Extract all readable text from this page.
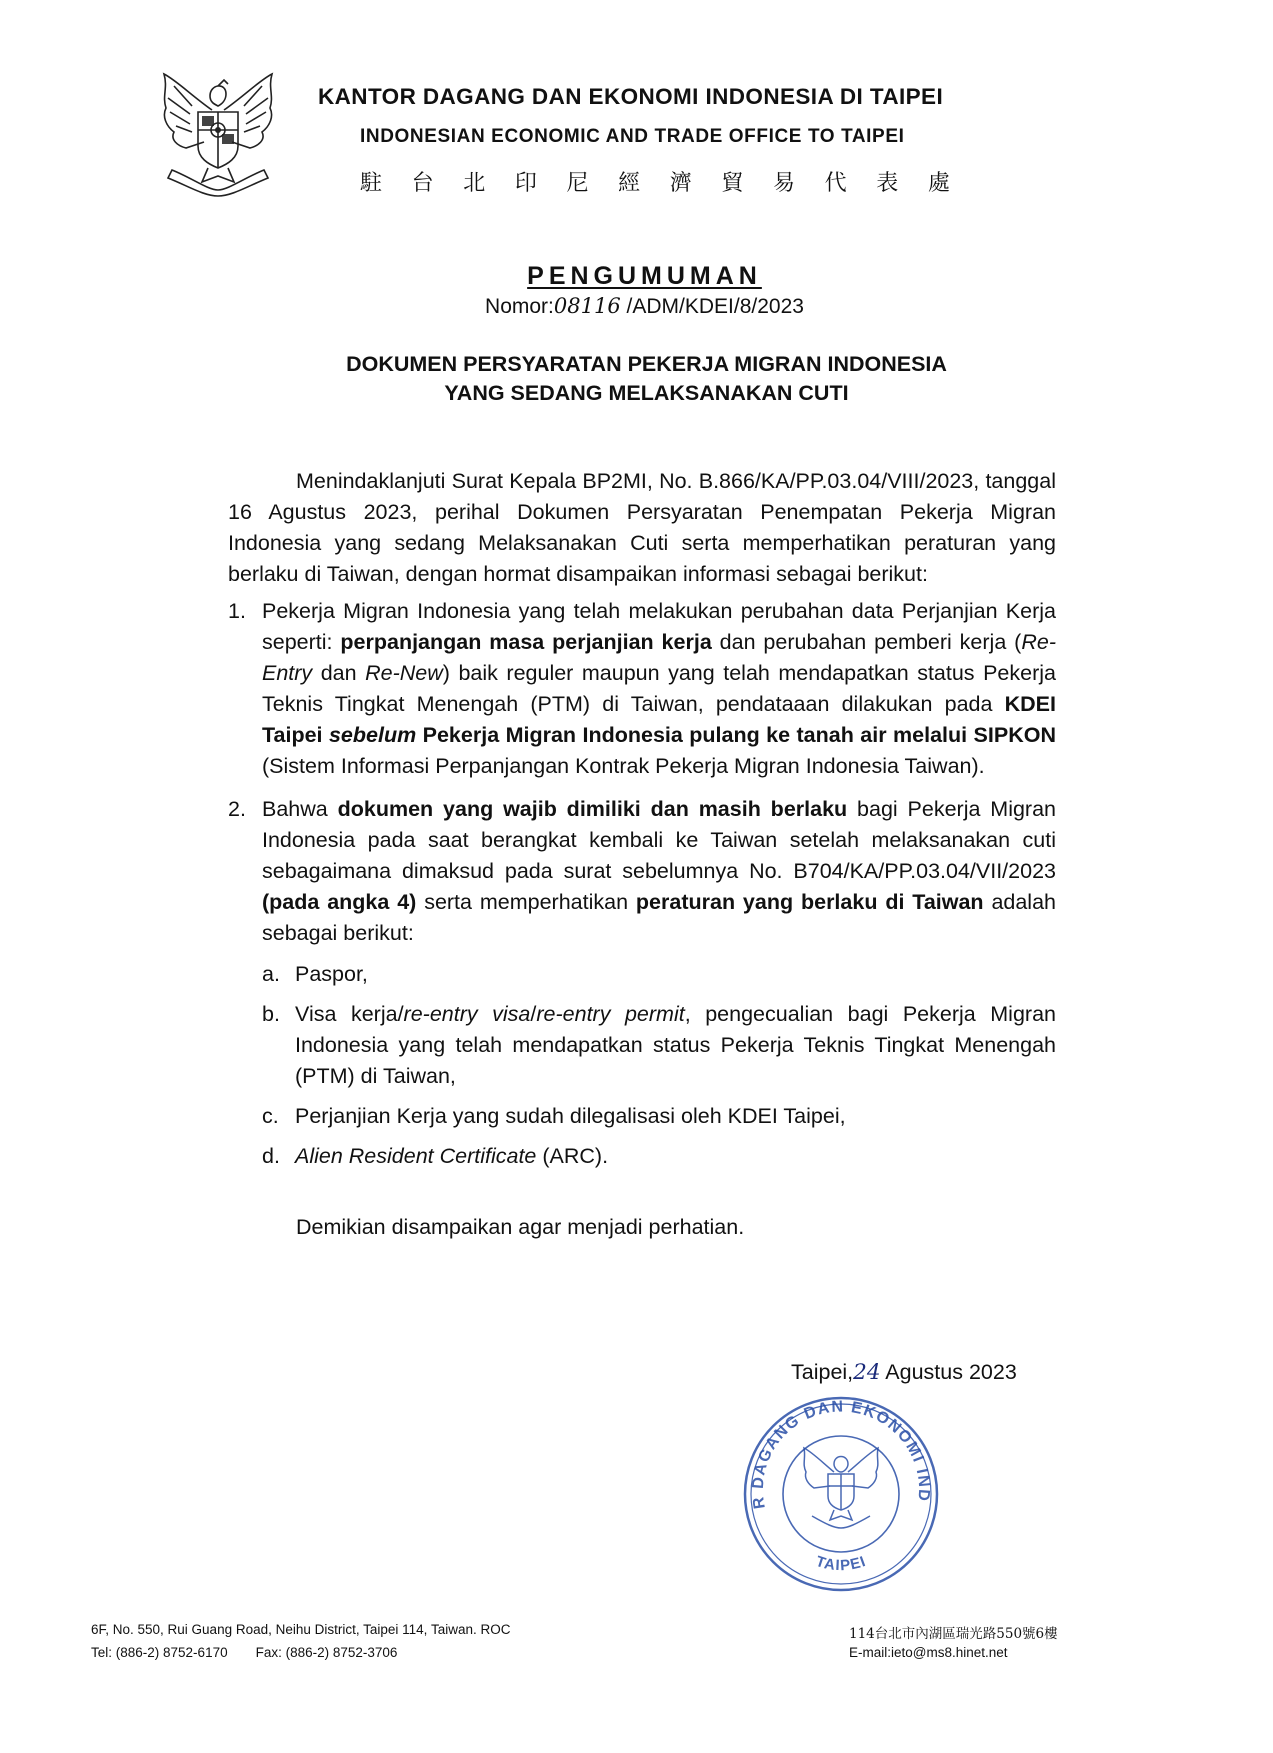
KANTOR DAGANG DAN EKONOMI INDONESIA DI TAIPEI
INDONESIAN ECONOMIC AND TRADE OFFICE TO TAIPEI
駐 台 北 印 尼 經 濟 貿 易 代 表 處
PENGUMUMAN
Nomor:08116 /ADM/KDEI/8/2023
DOKUMEN PERSYARATAN PEKERJA MIGRAN INDONESIA
YANG SEDANG MELAKSANAKAN CUTI

Menindaklanjuti Surat Kepala BP2MI, No. B.866/KA/PP.03.04/VIII/2023, tanggal 16 Agustus 2023, perihal Dokumen Persyaratan Penempatan Pekerja Migran Indonesia yang sedang Melaksanakan Cuti serta memperhatikan peraturan yang berlaku di Taiwan, dengan hormat disampaikan informasi sebagai berikut:

1. Pekerja Migran Indonesia yang telah melakukan perubahan data Perjanjian Kerja seperti: perpanjangan masa perjanjian kerja dan perubahan pemberi kerja (Re-Entry dan Re-New) baik reguler maupun yang telah mendapatkan status Pekerja Teknis Tingkat Menengah (PTM) di Taiwan, pendataaan dilakukan pada KDEI Taipei sebelum Pekerja Migran Indonesia pulang ke tanah air melalui SIPKON (Sistem Informasi Perpanjangan Kontrak Pekerja Migran Indonesia Taiwan).
2. Bahwa dokumen yang wajib dimiliki dan masih berlaku bagi Pekerja Migran Indonesia pada saat berangkat kembali ke Taiwan setelah melaksanakan cuti sebagaimana dimaksud pada surat sebelumnya No. B704/KA/PP.03.04/VII/2023 (pada angka 4) serta memperhatikan peraturan yang berlaku di Taiwan adalah sebagai berikut:
a. Paspor,
b. Visa kerja/re-entry visa/re-entry permit, pengecualian bagi Pekerja Migran Indonesia yang telah mendapatkan status Pekerja Teknis Tingkat Menengah (PTM) di Taiwan,
c. Perjanjian Kerja yang sudah dilegalisasi oleh KDEI Taipei,
d. Alien Resident Certificate (ARC).
Demikian disampaikan agar menjadi perhatian.
Taipei,24 Agustus 2023
R DAGANG DAN EKONOMI IND
TAIPEI
6F, No. 550, Rui Guang Road, Neihu District, Taipei 114, Taiwan. ROC
Tel: (886-2) 8752-6170 Fax: (886-2) 8752-3706
114台北市內湖區瑞光路550號6樓
E-mail:ieto@ms8.hinet.net
